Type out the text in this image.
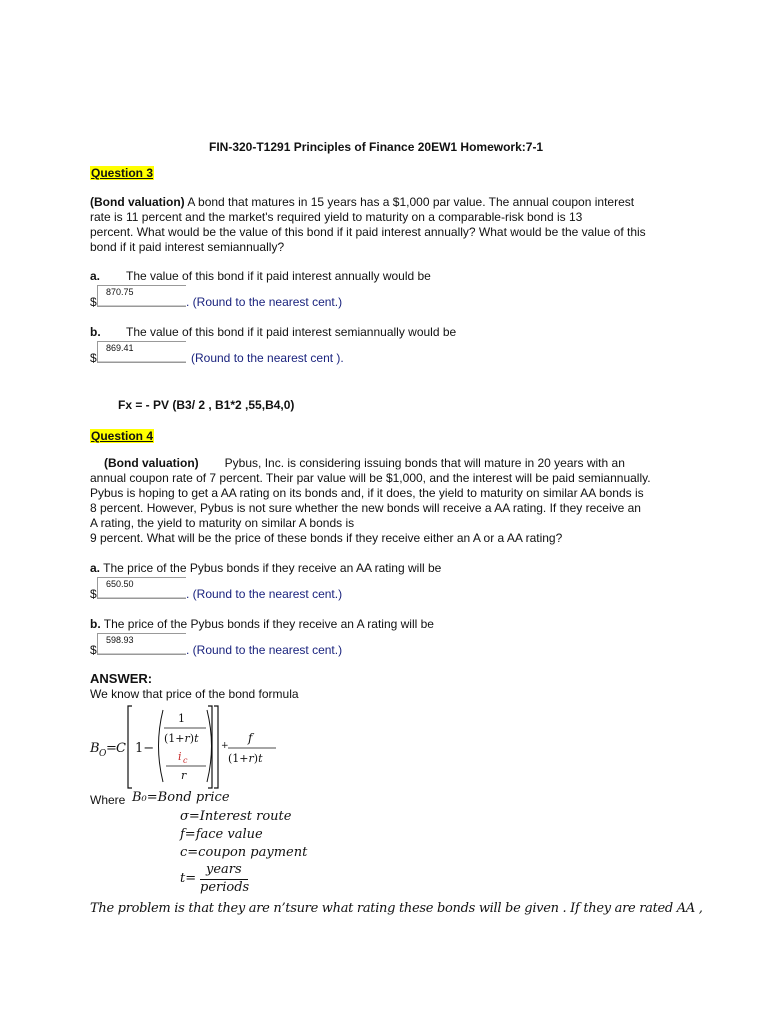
FIN-320-T1291 Principles of Finance 20EW1 Homework:7-1
Question 3
(Bond valuation) A bond that matures in 15 years has a $1,000 par value. The annual coupon interest
rate is 11 percent and the market's required yield to maturity on a comparable-risk bond is 13
percent. What would be the value of this bond if it paid interest annually? What would be the value of this
bond if it paid interest semiannually?
a. The value of this bond if it paid interest annually would be
$
870.75
. (Round to the nearest cent.)
b. The value of this bond if it paid interest semiannually would be
$
869.41
(Round to the nearest cent ).
Fx = - PV (B3/ 2 , B1*2 ,55,B4,0)
Question 4
(Bond valuation) Pybus, Inc. is considering issuing bonds that will mature in 20 years with an
annual coupon rate of 7 percent. Their par value will be $1,000, and the interest will be paid semiannually.
Pybus is hoping to get a AA rating on its bonds and, if it does, the yield to maturity on similar AA bonds is
8 percent. However, Pybus is not sure whether the new bonds will receive a AA rating. If they receive an
A rating, the yield to maturity on similar A bonds is
9 percent. What will be the price of these bonds if they receive either an A or a AA rating?
a. The price of the Pybus bonds if they receive an AA rating will be
$
650.50
. (Round to the nearest cent.)
b. The price of the Pybus bonds if they receive an A rating will be
$
598.93
. (Round to the nearest cent.)
ANSWER:
We know that price of the bond formula
B O = C 1−
1
(1+r)t
i c
r
+
f
(1+r)t
Where B₀=Bond price
σ=Interest route
f=face value
c=coupon payment
t=
years
periods
The problem is that they are n’tsure what rating these bonds will be given . If they are rated AA ,
